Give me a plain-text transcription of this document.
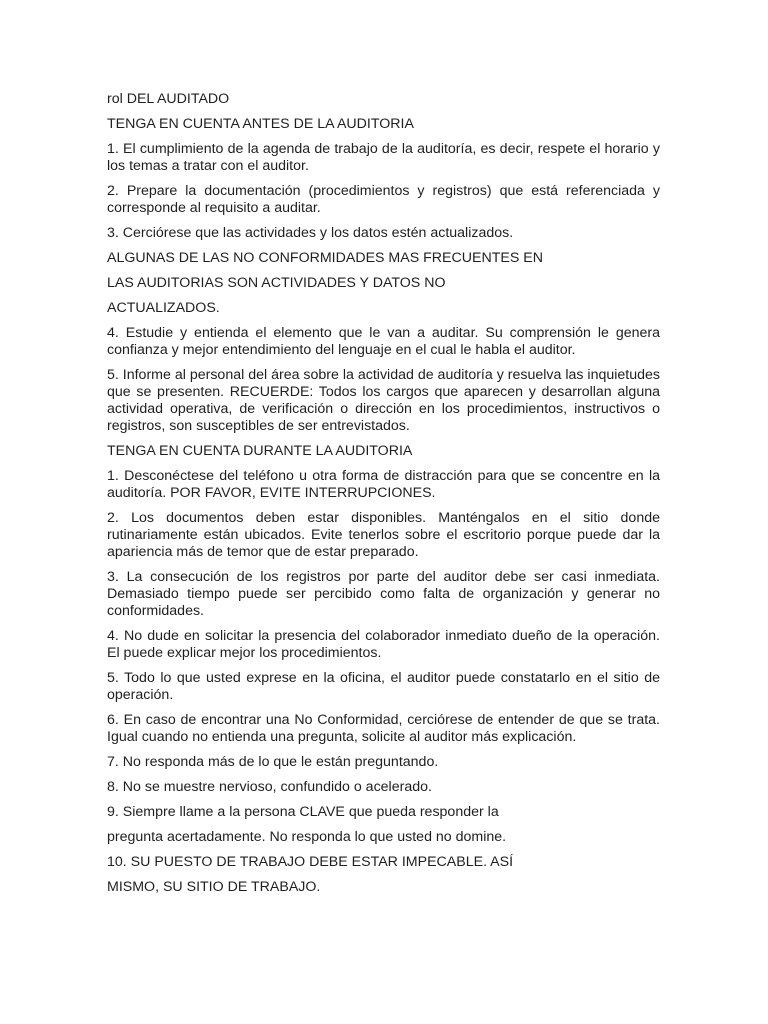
rol DEL AUDITADO

TENGA EN CUENTA ANTES DE LA AUDITORIA

1. El cumplimiento de la agenda de trabajo de la auditoría, es decir, respete el horario y los temas a tratar con el auditor.

2. Prepare la documentación (procedimientos y registros) que está referenciada y corresponde al requisito a auditar.

3. Cerciórese que las actividades y los datos estén actualizados.

ALGUNAS DE LAS NO CONFORMIDADES MAS FRECUENTES EN

LAS AUDITORIAS SON ACTIVIDADES Y DATOS NO

ACTUALIZADOS.

4. Estudie y entienda el elemento que le van a auditar. Su comprensión le genera confianza y mejor entendimiento del lenguaje en el cual le habla el auditor.

5. Informe al personal del área sobre la actividad de auditoría y resuelva las inquietudes que se presenten. RECUERDE: Todos los cargos que aparecen y desarrollan alguna actividad operativa, de verificación o dirección en los procedimientos, instructivos o registros, son susceptibles de ser entrevistados.

TENGA EN CUENTA DURANTE LA AUDITORIA

1. Desconéctese del teléfono u otra forma de distracción para que se concentre en la auditoría. POR FAVOR, EVITE INTERRUPCIONES.

2. Los documentos deben estar disponibles. Manténgalos en el sitio donde rutinariamente están ubicados. Evite tenerlos sobre el escritorio porque puede dar la apariencia más de temor que de estar preparado.

3. La consecución de los registros por parte del auditor debe ser casi inmediata. Demasiado tiempo puede ser percibido como falta de organización y generar no conformidades.

4. No dude en solicitar la presencia del colaborador inmediato dueño de la operación. El puede explicar mejor los procedimientos.

5. Todo lo que usted exprese en la oficina, el auditor puede constatarlo en el sitio de operación.

6. En caso de encontrar una No Conformidad, cerciórese de entender de que se trata. Igual cuando no entienda una pregunta, solicite al auditor más explicación.

7. No responda más de lo que le están preguntando.

8. No se muestre nervioso, confundido o acelerado.

9. Siempre llame a la persona CLAVE que pueda responder la

pregunta acertadamente. No responda lo que usted no domine.

10. SU PUESTO DE TRABAJO DEBE ESTAR IMPECABLE. ASÍ

MISMO, SU SITIO DE TRABAJO.
